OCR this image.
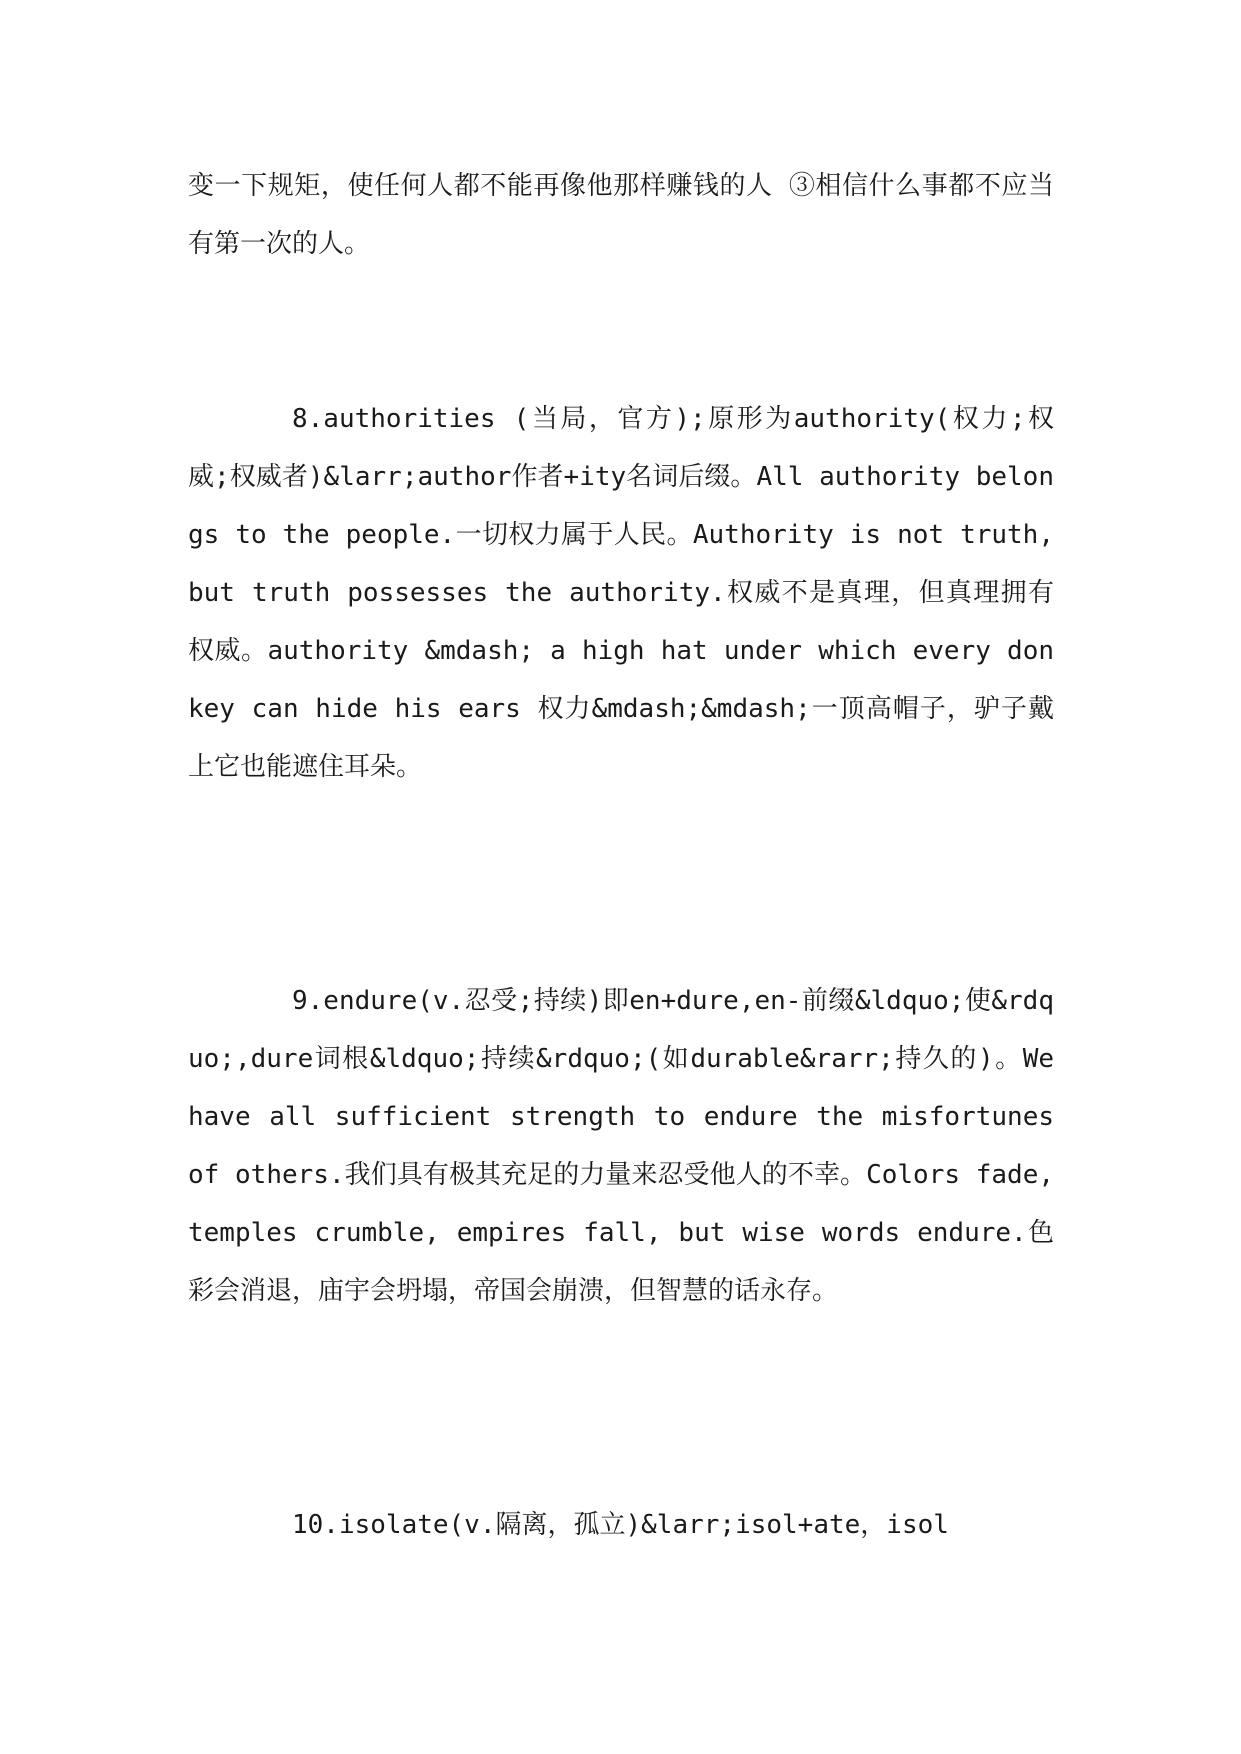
变一下规矩，使任何人都不能再像他那样赚钱的人 ③相信什么事都不应当有第一次的人。

8.authorities (当局，官方);原形为authority(权力;权威;权威者)&larr;author作者+ity名词后缀。All authority belongs to the people.一切权力属于人民。Authority is not truth, but truth possesses the authority.权威不是真理，但真理拥有权威。authority &mdash; a high hat under which every donkey can hide his ears 权力&mdash;&mdash;一顶高帽子，驴子戴上它也能遮住耳朵。

9.endure(v.忍受;持续)即en+dure,en-前缀&ldquo;使&rdquo;,dure词根&ldquo;持续&rdquo;(如durable&rarr;持久的)。We have all sufficient strength to endure the misfortunes of others.我们具有极其充足的力量来忍受他人的不幸。Colors fade, temples crumble, empires fall, but wise words endure.色彩会消退，庙宇会坍塌，帝国会崩溃，但智慧的话永存。

10.isolate(v.隔离，孤立)&larr;isol+ate，isol
